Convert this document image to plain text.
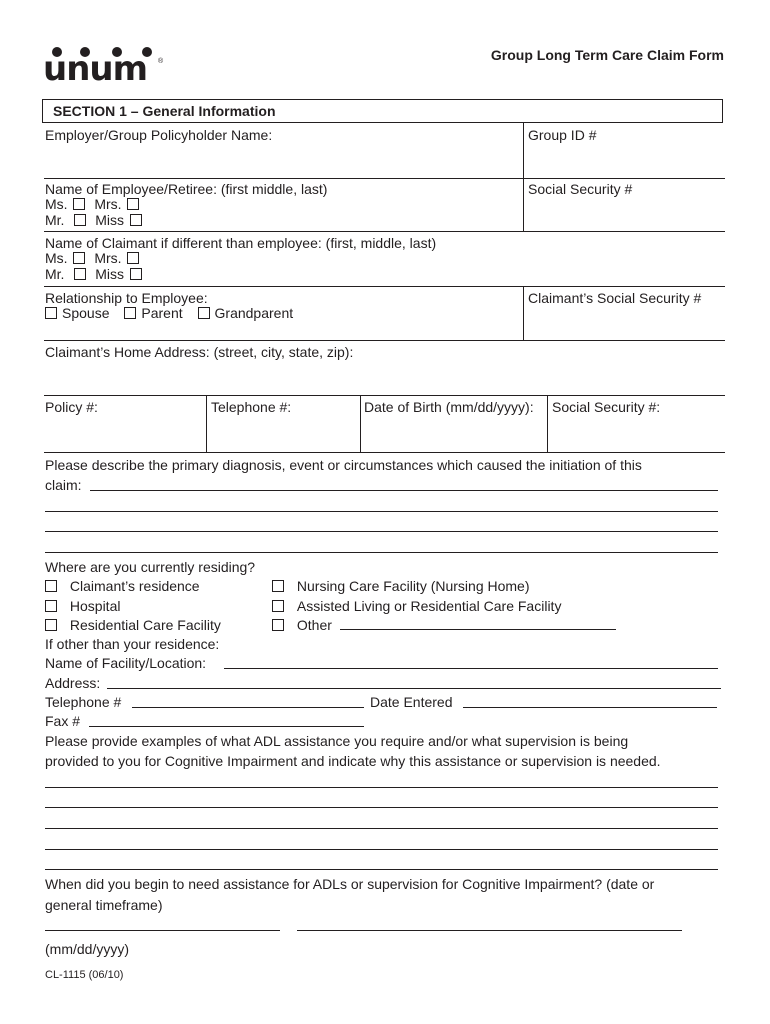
unum ®	Group Long Term Care Claim Form
SECTION 1 – General Information
Employer/Group Policyholder Name:	Group ID #
Name of Employee/Retiree: (first middle, last)
Ms. Mrs.
Mr. Miss
Social Security #
Name of Claimant if different than employee: (first, middle, last)
Ms. Mrs.
Mr. Miss
Relationship to Employee:
Spouse Parent Grandparent
Claimant’s Social Security #
Claimant’s Home Address: (street, city, state, zip):
Policy #:	Telephone #:	Date of Birth (mm/dd/yyyy): Social Security #:
Please describe the primary diagnosis, event or circumstances which caused the initiation of this
claim:
Where are you currently residing?
Claimant’s residence
Hospital
Residential Care Facility
Nursing Care Facility (Nursing Home)
Assisted Living or Residential Care Facility
Other
If other than your residence:
Name of Facility/Location:
Address:
Telephone #	Date Entered
Fax #
Please provide examples of what ADL assistance you require and/or what supervision is being
provided to you for Cognitive Impairment and indicate why this assistance or supervision is needed.
When did you begin to need assistance for ADLs or supervision for Cognitive Impairment? (date or
general timeframe)
(mm/dd/yyyy)
CL-1115 (06/10)
